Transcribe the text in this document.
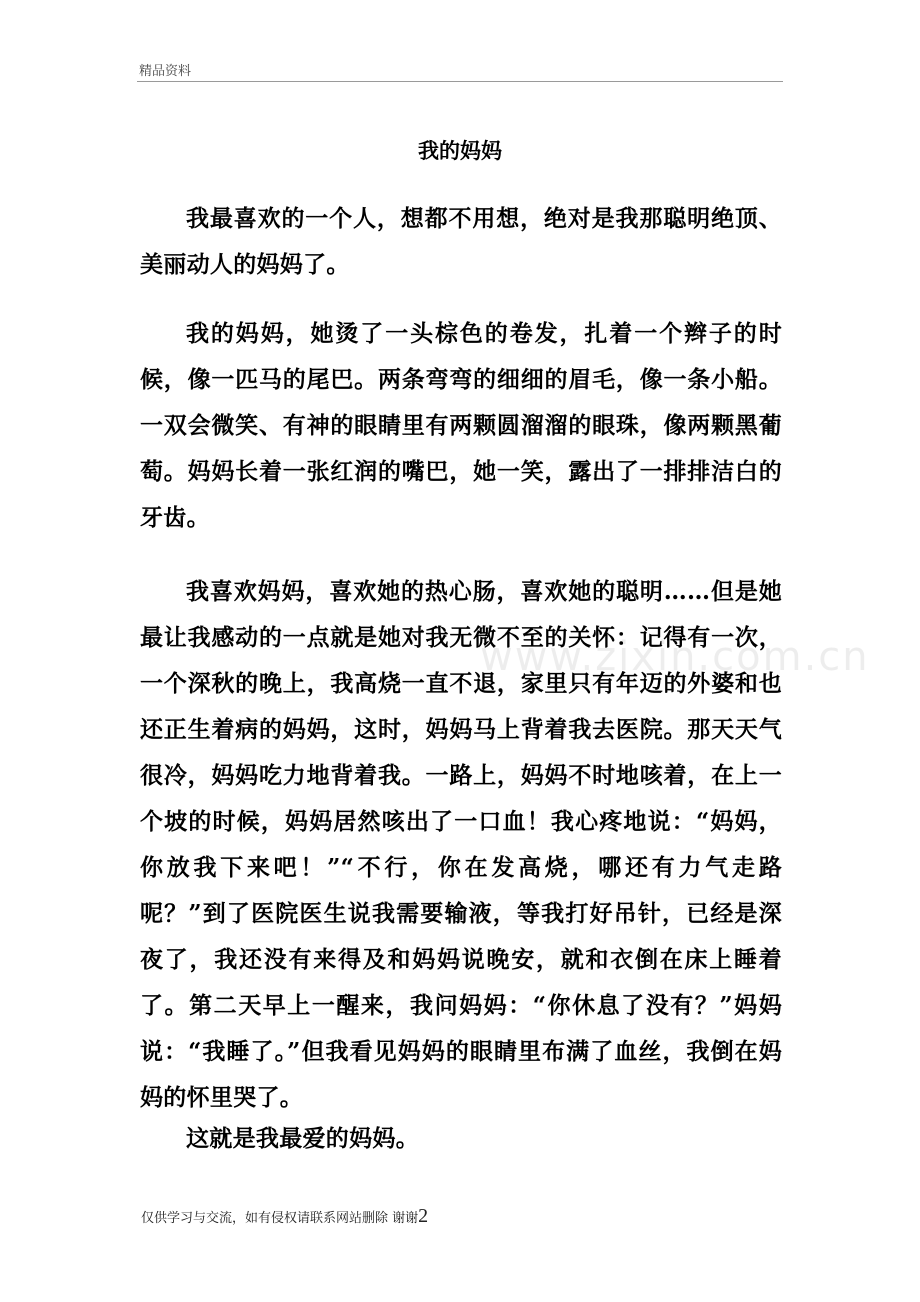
精品资料
我的妈妈
www.zixin.com.cn

我最喜欢的一个人，想都不用想，绝对是我那聪明绝顶、美丽动人的妈妈了。

我的妈妈，她烫了一头棕色的卷发，扎着一个辫子的时候，像一匹马的尾巴。两条弯弯的细细的眉毛，像一条小船。一双会微笑、有神的眼睛里有两颗圆溜溜的眼珠，像两颗黑葡萄。妈妈长着一张红润的嘴巴，她一笑，露出了一排排洁白的牙齿。

我喜欢妈妈，喜欢她的热心肠，喜欢她的聪明……但是她最让我感动的一点就是她对我无微不至的关怀：记得有一次，一个深秋的晚上，我高烧一直不退，家里只有年迈的外婆和也还正生着病的妈妈，这时，妈妈马上背着我去医院。那天天气很冷，妈妈吃力地背着我。一路上，妈妈不时地咳着，在上一个坡的时候，妈妈居然咳出了一口血！我心疼地说：“妈妈，你放我下来吧！”“不行，你在发高烧，哪还有力气走路呢？”到了医院医生说我需要输液，等我打好吊针，已经是深夜了，我还没有来得及和妈妈说晚安，就和衣倒在床上睡着了。第二天早上一醒来，我问妈妈：“你休息了没有？”妈妈说：“我睡了。”但我看见妈妈的眼睛里布满了血丝，我倒在妈妈的怀里哭了。

这就是我最爱的妈妈。

仅供学习与交流，如有侵权请联系网站删除 谢谢2
